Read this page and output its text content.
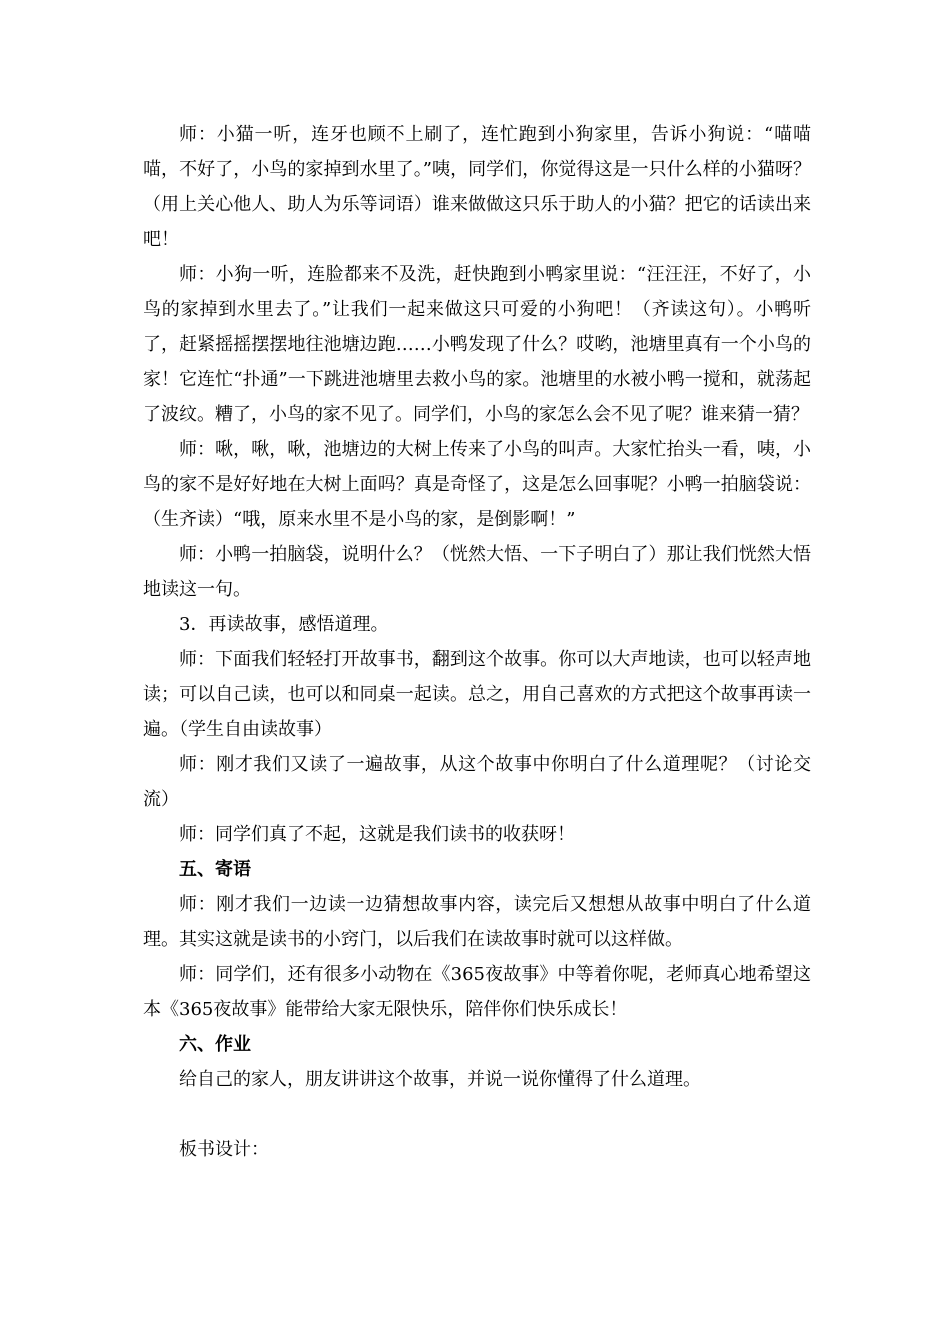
师：小猫一听，连牙也顾不上刷了，连忙跑到小狗家里，告诉小狗说：“喵喵喵，不好了，小鸟的家掉到水里了。”咦，同学们，你觉得这是一只什么样的小猫呀？（用上关心他人、助人为乐等词语）谁来做做这只乐于助人的小猫？把它的话读出来吧！

师：小狗一听，连脸都来不及洗，赶快跑到小鸭家里说：“汪汪汪，不好了，小鸟的家掉到水里去了。”让我们一起来做这只可爱的小狗吧！（齐读这句）。小鸭听了，赶紧摇摇摆摆地往池塘边跑……小鸭发现了什么？哎哟，池塘里真有一个小鸟的家！它连忙“扑通”一下跳进池塘里去救小鸟的家。池塘里的水被小鸭一搅和，就荡起了波纹。糟了，小鸟的家不见了。同学们，小鸟的家怎么会不见了呢？谁来猜一猜？

师：啾，啾，啾，池塘边的大树上传来了小鸟的叫声。大家忙抬头一看，咦，小鸟的家不是好好地在大树上面吗？真是奇怪了，这是怎么回事呢？小鸭一拍脑袋说：（生齐读）“哦，原来水里不是小鸟的家，是倒影啊！”

师：小鸭一拍脑袋，说明什么？（恍然大悟、一下子明白了）那让我们恍然大悟地读这一句。

3．再读故事，感悟道理。

师：下面我们轻轻打开故事书，翻到这个故事。你可以大声地读，也可以轻声地读；可以自己读，也可以和同桌一起读。总之，用自己喜欢的方式把这个故事再读一遍。（学生自由读故事）

师：刚才我们又读了一遍故事，从这个故事中你明白了什么道理呢？（讨论交流）

师：同学们真了不起，这就是我们读书的收获呀！

五、寄语

师：刚才我们一边读一边猜想故事内容，读完后又想想从故事中明白了什么道理。其实这就是读书的小窍门，以后我们在读故事时就可以这样做。

师：同学们，还有很多小动物在《365夜故事》中等着你呢，老师真心地希望这本《365夜故事》能带给大家无限快乐，陪伴你们快乐成长！

六、作业

给自己的家人，朋友讲讲这个故事，并说一说你懂得了什么道理。

板书设计：
